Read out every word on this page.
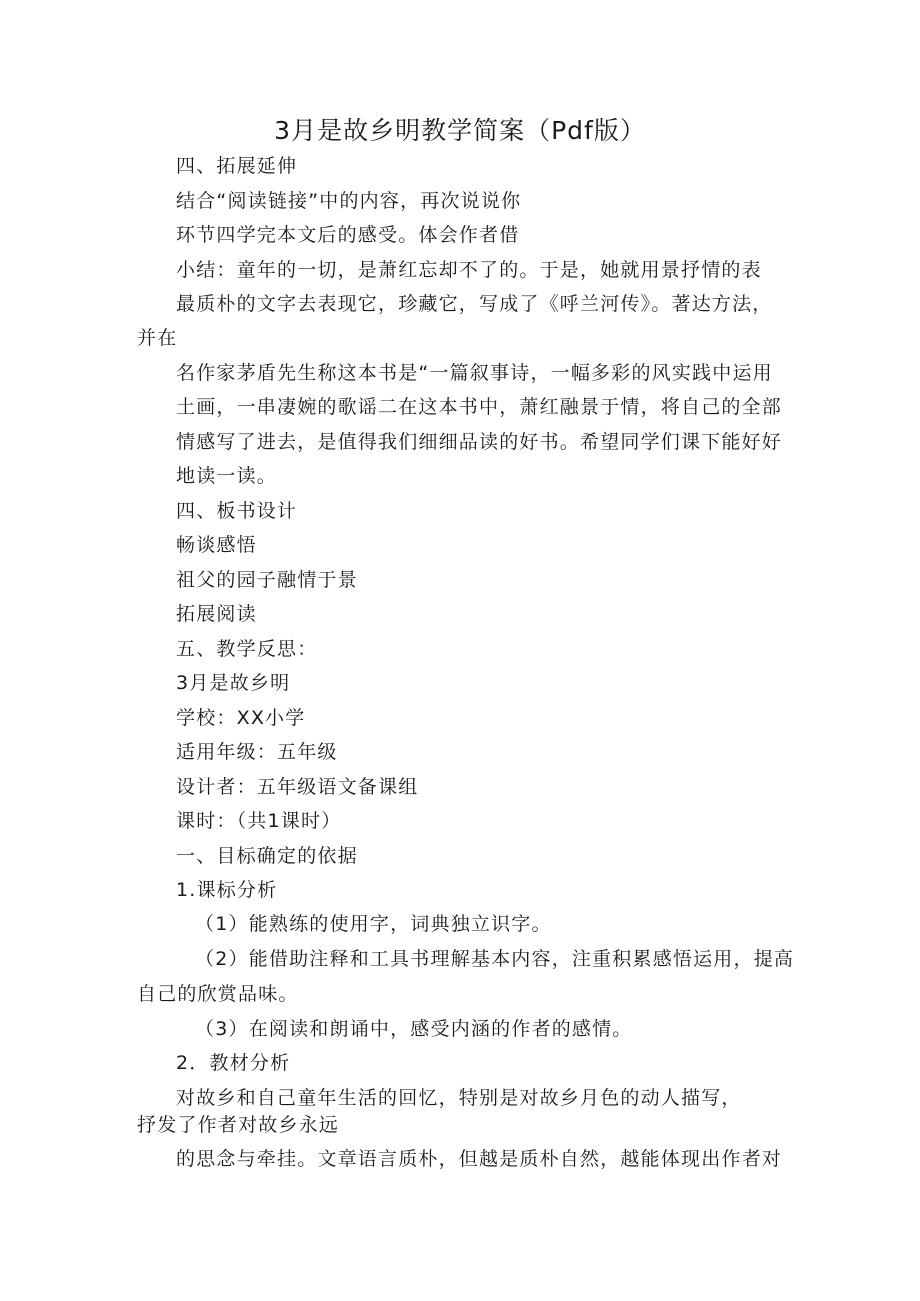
3月是故乡明教学简案（Pdf版）
四、拓展延伸
结合“阅读链接”中的内容，再次说说你
环节四学完本文后的感受。体会作者借
小结：童年的一切，是萧红忘却不了的。于是，她就用景抒情的表
最质朴的文字去表现它，珍藏它，写成了《呼兰河传》。著达方法，
并在
名作家茅盾先生称这本书是“一篇叙事诗，一幅多彩的风实践中运用
土画，一串凄婉的歌谣二在这本书中，萧红融景于情，将自己的全部
情感写了进去，是值得我们细细品读的好书。希望同学们课下能好好
地读一读。
四、板书设计
畅谈感悟
祖父的园子融情于景
拓展阅读
五、教学反思：
3月是故乡明
学校：XX小学
适用年级：五年级
设计者：五年级语文备课组
课时：（共1课时）
一、目标确定的依据
1.课标分析
（1）能熟练的使用字，词典独立识字。
（2）能借助注释和工具书理解基本内容，注重积累感悟运用，提高
自己的欣赏品味。
（3）在阅读和朗诵中，感受内涵的作者的感情。
2．教材分析
对故乡和自己童年生活的回忆，特别是对故乡月色的动人描写，
抒发了作者对故乡永远
的思念与牵挂。文章语言质朴，但越是质朴自然，越能体现出作者对
